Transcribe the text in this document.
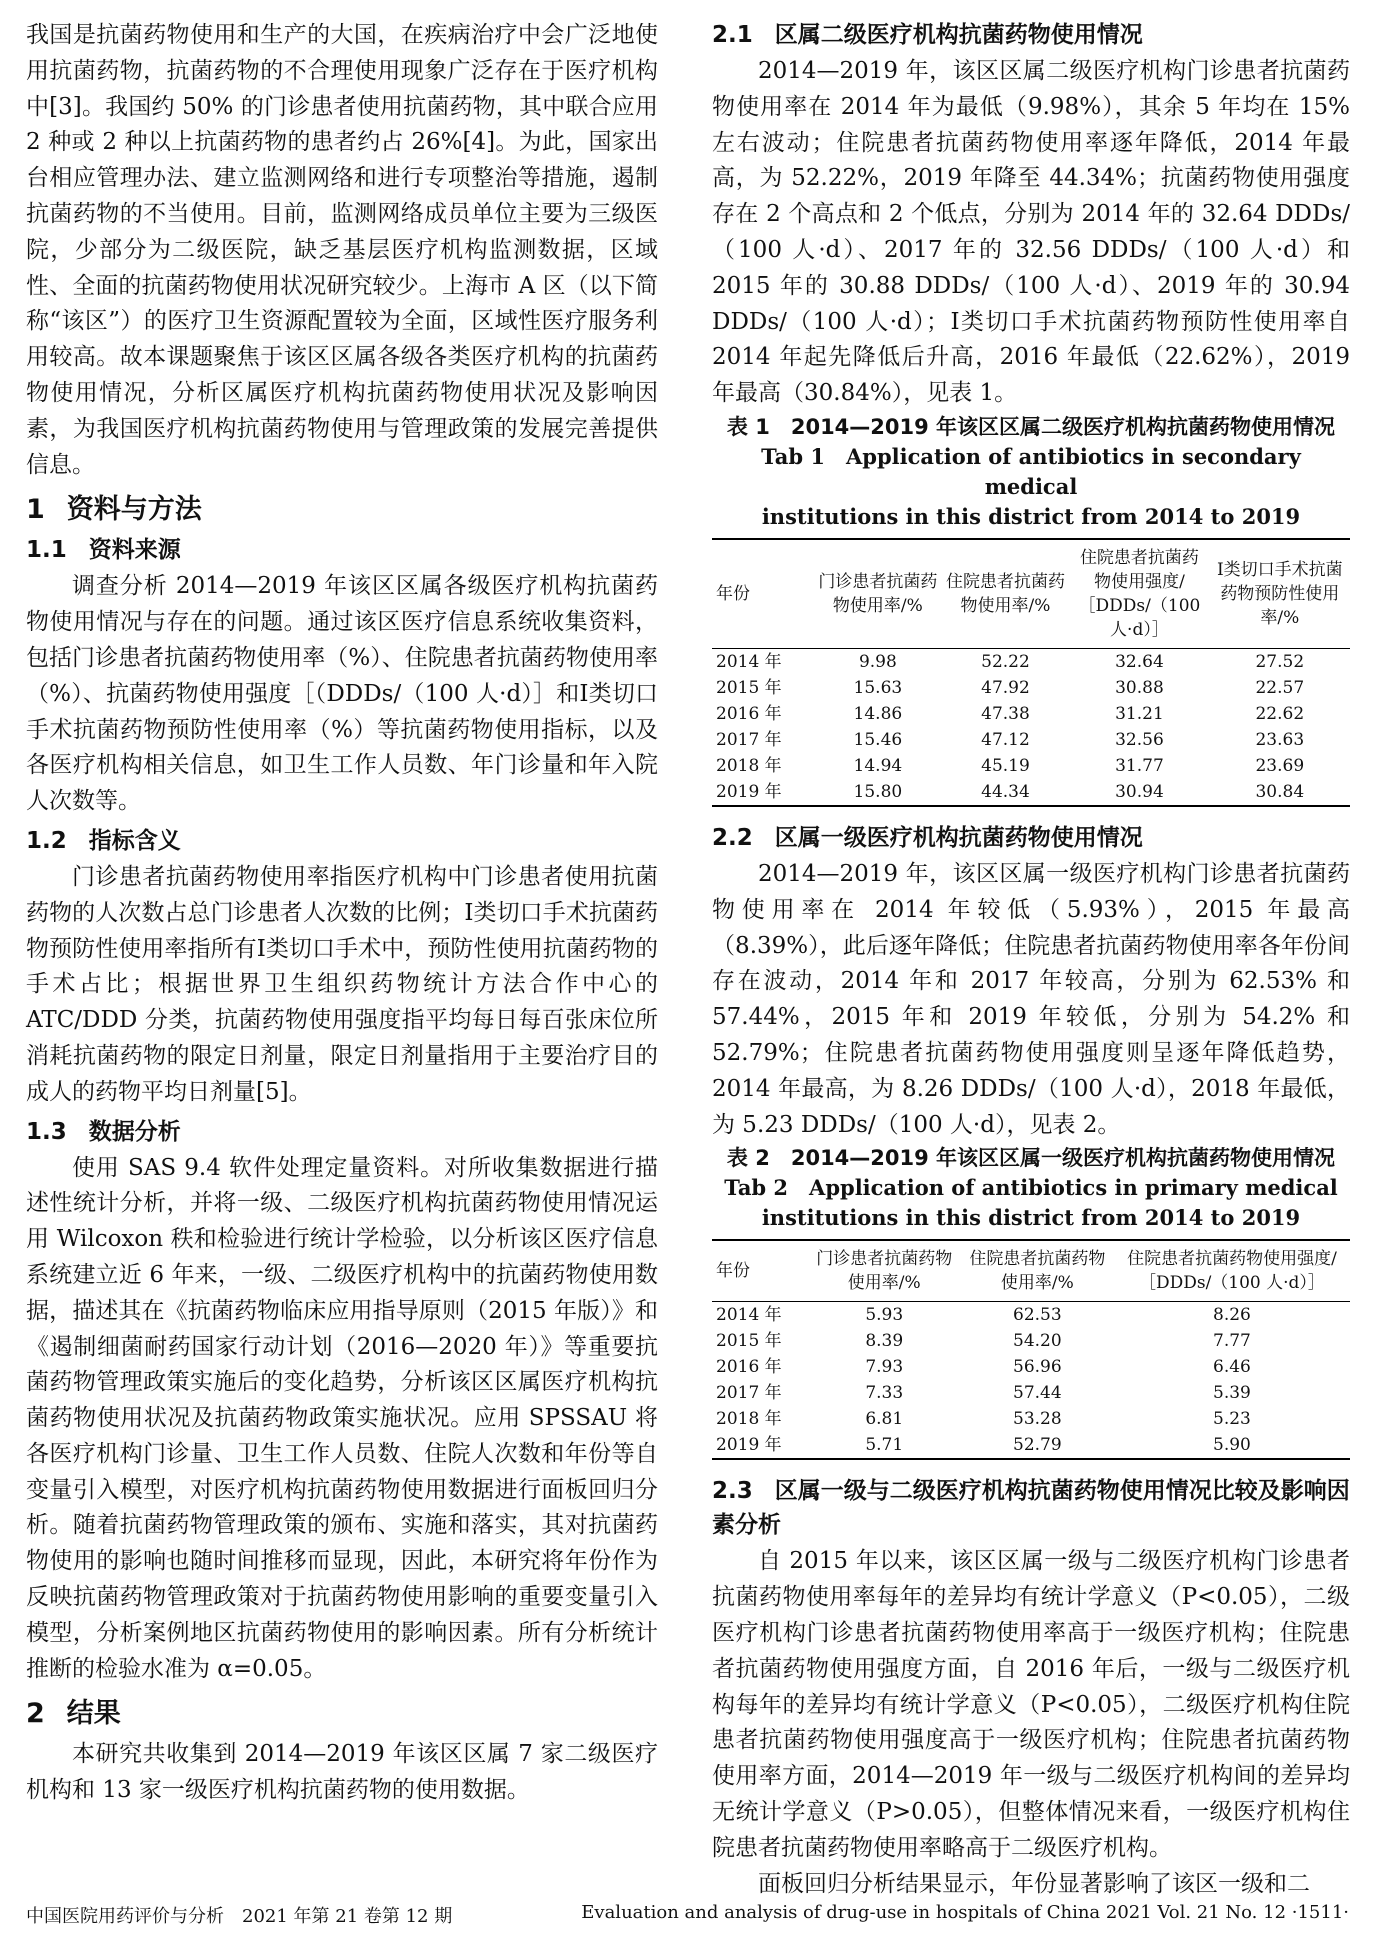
我国是抗菌药物使用和生产的大国，在疾病治疗中会广泛地使用抗菌药物，抗菌药物的不合理使用现象广泛存在于医疗机构中[3]。我国约 50% 的门诊患者使用抗菌药物，其中联合应用 2 种或 2 种以上抗菌药物的患者约占 26%[4]。为此，国家出台相应管理办法、建立监测网络和进行专项整治等措施，遏制抗菌药物的不当使用。目前，监测网络成员单位主要为三级医院，少部分为二级医院，缺乏基层医疗机构监测数据，区域性、全面的抗菌药物使用状况研究较少。上海市 A 区（以下简称“该区”）的医疗卫生资源配置较为全面，区域性医疗服务利用较高。故本课题聚焦于该区区属各级各类医疗机构的抗菌药物使用情况，分析区属医疗机构抗菌药物使用状况及影响因素，为我国医疗机构抗菌药物使用与管理政策的发展完善提供信息。

1 资料与方法
1.1 资料来源

调查分析 2014—2019 年该区区属各级医疗机构抗菌药物使用情况与存在的问题。通过该区医疗信息系统收集资料，包括门诊患者抗菌药物使用率（%）、住院患者抗菌药物使用率（%）、抗菌药物使用强度［（DDDs/（100 人·d）］和Ⅰ类切口手术抗菌药物预防性使用率（%）等抗菌药物使用指标，以及各医疗机构相关信息，如卫生工作人员数、年门诊量和年入院人次数等。

1.2 指标含义

门诊患者抗菌药物使用率指医疗机构中门诊患者使用抗菌药物的人次数占总门诊患者人次数的比例；Ⅰ类切口手术抗菌药物预防性使用率指所有Ⅰ类切口手术中，预防性使用抗菌药物的手术占比；根据世界卫生组织药物统计方法合作中心的 ATC/DDD 分类，抗菌药物使用强度指平均每日每百张床位所消耗抗菌药物的限定日剂量，限定日剂量指用于主要治疗目的成人的药物平均日剂量[5]。

1.3 数据分析

使用 SAS 9.4 软件处理定量资料。对所收集数据进行描述性统计分析，并将一级、二级医疗机构抗菌药物使用情况运用 Wilcoxon 秩和检验进行统计学检验，以分析该区医疗信息系统建立近 6 年来，一级、二级医疗机构中的抗菌药物使用数据，描述其在《抗菌药物临床应用指导原则（2015 年版）》和《遏制细菌耐药国家行动计划（2016—2020 年）》等重要抗菌药物管理政策实施后的变化趋势，分析该区区属医疗机构抗菌药物使用状况及抗菌药物政策实施状况。应用 SPSSAU 将各医疗机构门诊量、卫生工作人员数、住院人次数和年份等自变量引入模型，对医疗机构抗菌药物使用数据进行面板回归分析。随着抗菌药物管理政策的颁布、实施和落实，其对抗菌药物使用的影响也随时间推移而显现，因此，本研究将年份作为反映抗菌药物管理政策对于抗菌药物使用影响的重要变量引入模型，分析案例地区抗菌药物使用的影响因素。所有分析统计推断的检验水准为 α=0.05。

2 结果

本研究共收集到 2014—2019 年该区区属 7 家二级医疗机构和 13 家一级医疗机构抗菌药物的使用数据。

2.1 区属二级医疗机构抗菌药物使用情况

2014—2019 年，该区区属二级医疗机构门诊患者抗菌药物使用率在 2014 年为最低（9.98%），其余 5 年均在 15% 左右波动；住院患者抗菌药物使用率逐年降低，2014 年最高，为 52.22%，2019 年降至 44.34%；抗菌药物使用强度存在 2 个高点和 2 个低点，分别为 2014 年的 32.64 DDDs/（100 人·d）、2017 年的 32.56 DDDs/（100 人·d）和 2015 年的 30.88 DDDs/（100 人·d）、2019 年的 30.94 DDDs/（100 人·d）；Ⅰ类切口手术抗菌药物预防性使用率自 2014 年起先降低后升高，2016 年最低（22.62%），2019 年最高（30.84%），见表 1。

表 1　2014—2019 年该区区属二级医疗机构抗菌药物使用情况
Tab 1　Application of antibiotics in secondary medical
institutions in this district from 2014 to 2019
年份	门诊患者抗菌药物使用率/%	住院患者抗菌药物使用率/%	住院患者抗菌药物使用强度/［DDDs/（100 人·d）］	Ⅰ类切口手术抗菌药物预防性使用率/%
2014 年	9.98	52.22	32.64	27.52
2015 年	15.63	47.92	30.88	22.57
2016 年	14.86	47.38	31.21	22.62
2017 年	15.46	47.12	32.56	23.63
2018 年	14.94	45.19	31.77	23.69
2019 年	15.80	44.34	30.94	30.84
2.2 区属一级医疗机构抗菌药物使用情况

2014—2019 年，该区区属一级医疗机构门诊患者抗菌药物使用率在 2014 年较低（5.93%），2015 年最高（8.39%），此后逐年降低；住院患者抗菌药物使用率各年份间存在波动，2014 年和 2017 年较高，分别为 62.53% 和 57.44%，2015 年和 2019 年较低，分别为 54.2% 和 52.79%；住院患者抗菌药物使用强度则呈逐年降低趋势，2014 年最高，为 8.26 DDDs/（100 人·d），2018 年最低，为 5.23 DDDs/（100 人·d），见表 2。

表 2　2014—2019 年该区区属一级医疗机构抗菌药物使用情况
Tab 2　Application of antibiotics in primary medical
institutions in this district from 2014 to 2019
年份	门诊患者抗菌药物使用率/%	住院患者抗菌药物使用率/%	住院患者抗菌药物使用强度/［DDDs/（100 人·d）］
2014 年	5.93	62.53	8.26
2015 年	8.39	54.20	7.77
2016 年	7.93	56.96	6.46
2017 年	7.33	57.44	5.39
2018 年	6.81	53.28	5.23
2019 年	5.71	52.79	5.90
2.3 区属一级与二级医疗机构抗菌药物使用情况比较及影响因素分析

自 2015 年以来，该区区属一级与二级医疗机构门诊患者抗菌药物使用率每年的差异均有统计学意义（P<0.05），二级医疗机构门诊患者抗菌药物使用率高于一级医疗机构；住院患者抗菌药物使用强度方面，自 2016 年后，一级与二级医疗机构每年的差异均有统计学意义（P<0.05），二级医疗机构住院患者抗菌药物使用强度高于一级医疗机构；住院患者抗菌药物使用率方面，2014—2019 年一级与二级医疗机构间的差异均无统计学意义（P>0.05），但整体情况来看，一级医疗机构住院患者抗菌药物使用率略高于二级医疗机构。

面板回归分析结果显示，年份显著影响了该区一级和二

中国医院用药评价与分析　2021 年第 21 卷第 12 期	Evaluation and analysis of drug-use in hospitals of China 2021 Vol. 21 No. 12 ·1511·
